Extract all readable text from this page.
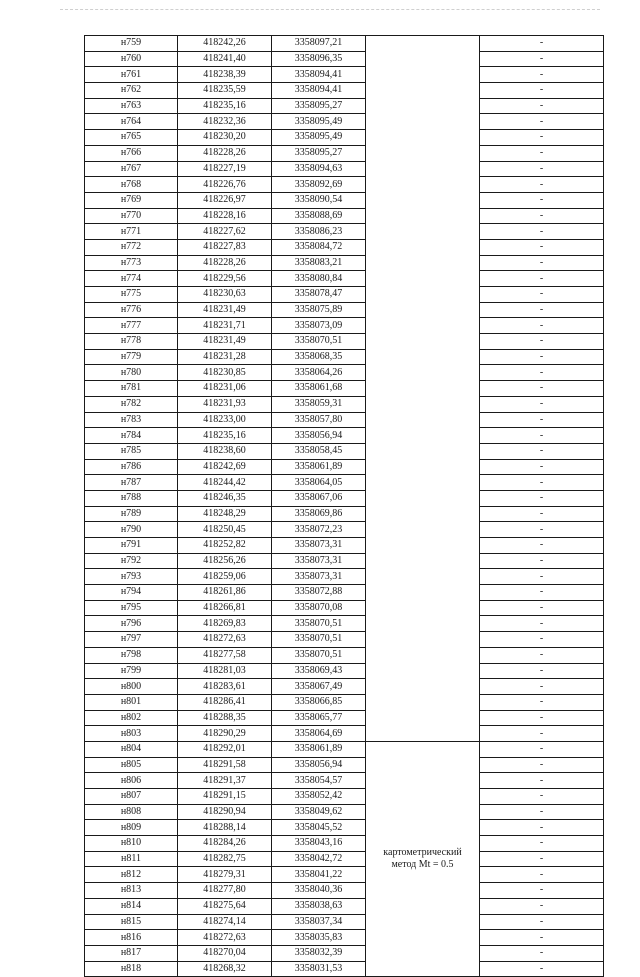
н759	418242,26	3358097,21		-
н760	418241,40	3358096,35		-
н761	418238,39	3358094,41		-
н762	418235,59	3358094,41		-
н763	418235,16	3358095,27		-
н764	418232,36	3358095,49		-
н765	418230,20	3358095,49		-
н766	418228,26	3358095,27		-
н767	418227,19	3358094,63		-
н768	418226,76	3358092,69		-
н769	418226,97	3358090,54		-
н770	418228,16	3358088,69		-
н771	418227,62	3358086,23		-
н772	418227,83	3358084,72		-
н773	418228,26	3358083,21		-
н774	418229,56	3358080,84		-
н775	418230,63	3358078,47		-
н776	418231,49	3358075,89		-
н777	418231,71	3358073,09		-
н778	418231,49	3358070,51		-
н779	418231,28	3358068,35		-
н780	418230,85	3358064,26		-
н781	418231,06	3358061,68		-
н782	418231,93	3358059,31		-
н783	418233,00	3358057,80		-
н784	418235,16	3358056,94		-
н785	418238,60	3358058,45		-
н786	418242,69	3358061,89		-
н787	418244,42	3358064,05		-
н788	418246,35	3358067,06		-
н789	418248,29	3358069,86		-
н790	418250,45	3358072,23		-
н791	418252,82	3358073,31		-
н792	418256,26	3358073,31		-
н793	418259,06	3358073,31		-
н794	418261,86	3358072,88		-
н795	418266,81	3358070,08		-
н796	418269,83	3358070,51		-
н797	418272,63	3358070,51		-
н798	418277,58	3358070,51		-
н799	418281,03	3358069,43		-
н800	418283,61	3358067,49		-
н801	418286,41	3358066,85		-
н802	418288,35	3358065,77		-
н803	418290,29	3358064,69		-
н804	418292,01	3358061,89	картометрический метод Mt = 0.5	-
н805	418291,58	3358056,94		-
н806	418291,37	3358054,57		-
н807	418291,15	3358052,42		-
н808	418290,94	3358049,62		-
н809	418288,14	3358045,52		-
н810	418284,26	3358043,16		-
н811	418282,75	3358042,72		-
н812	418279,31	3358041,22		-
н813	418277,80	3358040,36		-
н814	418275,64	3358038,63		-
н815	418274,14	3358037,34		-
н816	418272,63	3358035,83		-
н817	418270,04	3358032,39		-
н818	418268,32	3358031,53		-
